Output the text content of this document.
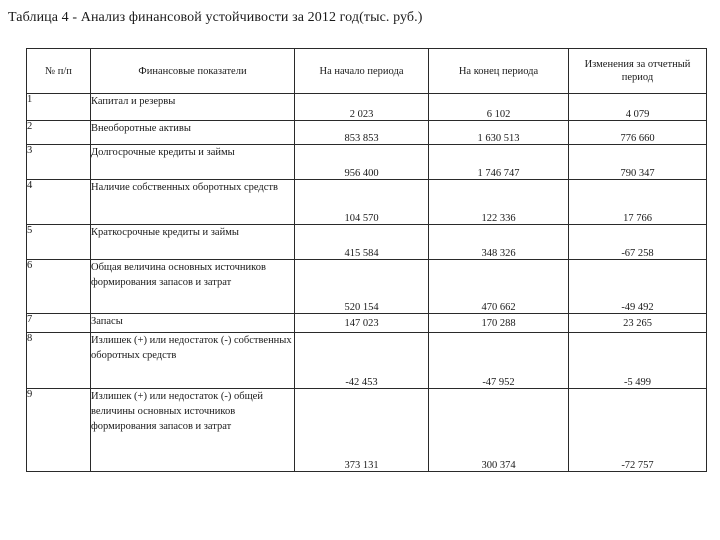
Таблица 4 - Анализ финансовой устойчивости за 2012 год(тыс. руб.)
№ п/п	Финансовые показатели	На начало периода	На конец периода	Изменения за отчетный период
1	Капитал и резервы	2 023	6 102	4 079
2	Внеоборотные активы	853 853	1 630 513	776 660
3	Долгосрочные кредиты и займы	956 400	1 746 747	790 347
4	Наличие собственных оборотных средств	104 570	122 336	17 766
5	Краткосрочные кредиты и займы	415 584	348 326	-67 258
6	Общая величина основных источников формирования запасов и затрат	520 154	470 662	-49 492
7	Запасы	147 023	170 288	23 265
8	Излишек (+) или недостаток (-) собственных оборотных средств	-42 453	-47 952	-5 499
9	Излишек (+) или недостаток (-) общей величины основных источников формирования запасов и затрат	373 131	300 374	-72 757
